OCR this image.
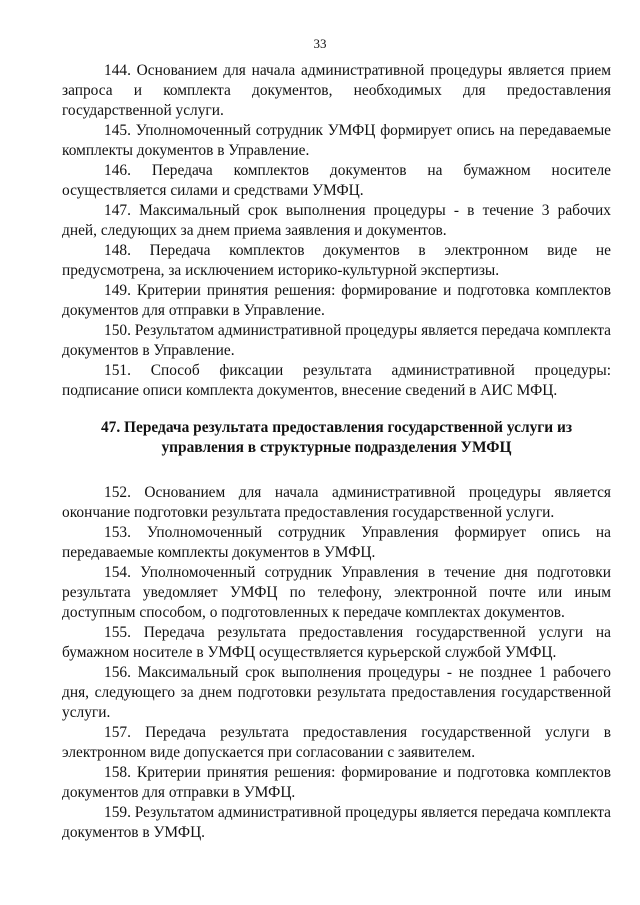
33

144. Основанием для начала административной процедуры является прием запроса и комплекта документов, необходимых для предоставления государственной услуги.

145. Уполномоченный сотрудник УМФЦ формирует опись на передаваемые комплекты документов в Управление.

146. Передача комплектов документов на бумажном носителе осуществляется силами и средствами УМФЦ.

147. Максимальный срок выполнения процедуры - в течение 3 рабочих дней, следующих за днем приема заявления и документов.

148. Передача комплектов документов в электронном виде не предусмотрена, за исключением историко-культурной экспертизы.

149. Критерии принятия решения: формирование и подготовка комплектов документов для отправки в Управление.

150. Результатом административной процедуры является передача комплекта документов в Управление.

151. Способ фиксации результата административной процедуры: подписание описи комплекта документов, внесение сведений в АИС МФЦ.

47. Передача результата предоставления государственной услуги из управления в структурные подразделения УМФЦ

152. Основанием для начала административной процедуры является окончание подготовки результата предоставления государственной услуги.

153. Уполномоченный сотрудник Управления формирует опись на передаваемые комплекты документов в УМФЦ.

154. Уполномоченный сотрудник Управления в течение дня подготовки результата уведомляет УМФЦ по телефону, электронной почте или иным доступным способом, о подготовленных к передаче комплектах документов.

155. Передача результата предоставления государственной услуги на бумажном носителе в УМФЦ осуществляется курьерской службой УМФЦ.

156. Максимальный срок выполнения процедуры - не позднее 1 рабочего дня, следующего за днем подготовки результата предоставления государственной услуги.

157. Передача результата предоставления государственной услуги в электронном виде допускается при согласовании с заявителем.

158. Критерии принятия решения: формирование и подготовка комплектов документов для отправки в УМФЦ.

159. Результатом административной процедуры является передача комплекта документов в УМФЦ.
